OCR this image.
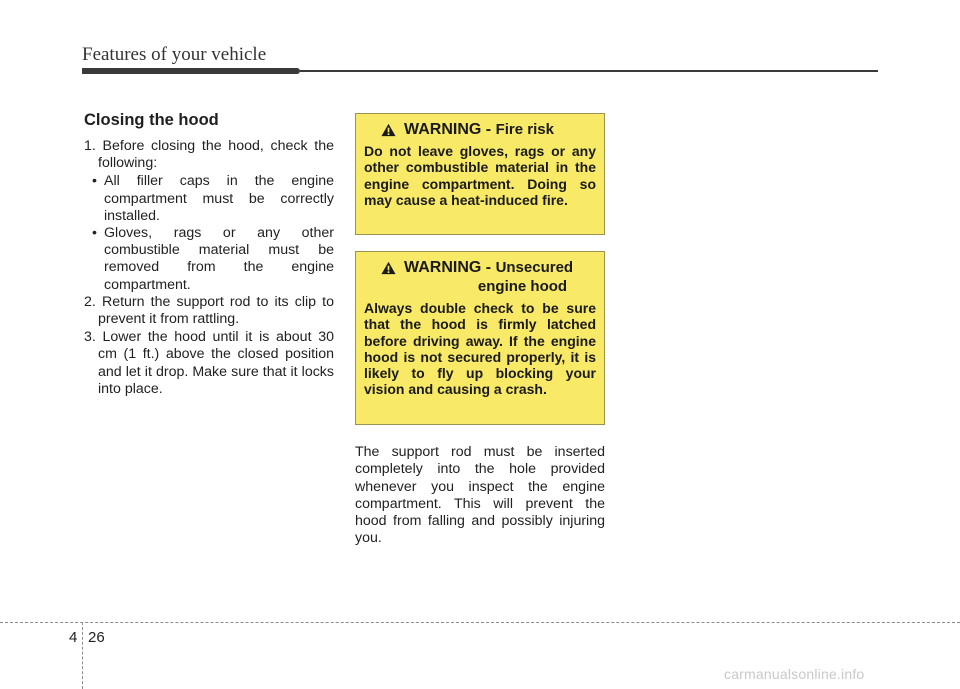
Features of your vehicle
Closing the hood

1. Before closing the hood, check the following:

• All filler caps in the engine compartment must be correctly installed.
• Gloves, rags or any other combustible material must be removed from the engine compartment.

2. Return the support rod to its clip to prevent it from rattling.

3. Lower the hood until it is about 30 cm (1 ft.) above the closed position and let it drop. Make sure that it locks into place.

WARNING - Fire risk
Do not leave gloves, rags or any other combustible material in the engine compartment. Doing so may cause a heat-induced fire.
WARNING - Unsecured
engine hood
Always double check to be sure that the hood is firmly latched before driving away. If the engine hood is not secured properly, it is likely to fly up blocking your vision and causing a crash.

The support rod must be inserted completely into the hole provided whenever you inspect the engine compartment. This will prevent the hood from falling and possibly injuring you.

4 26
carmanualsonline.info
